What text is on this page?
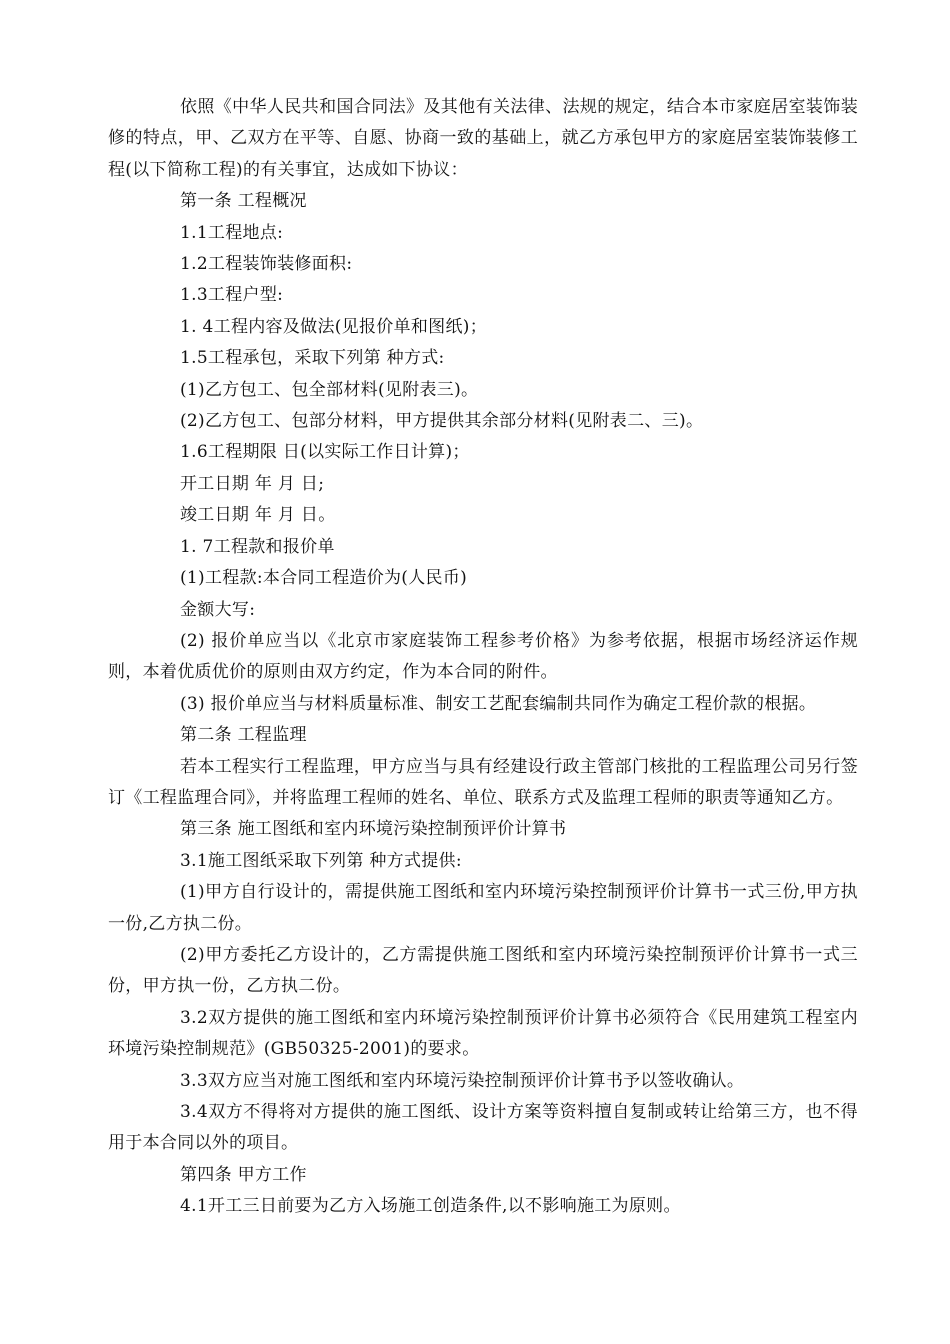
依照《中华人民共和国合同法》及其他有关法律、法规的规定，结合本市家庭居室装饰装修的特点，甲、乙双方在平等、自愿、协商一致的基础上，就乙方承包甲方的家庭居室装饰装修工程(以下简称工程)的有关事宜，达成如下协议：

第一条 工程概况

1.1工程地点:

1.2工程装饰装修面积:

1.3工程户型:

1. 4工程内容及做法(见报价单和图纸)；

1.5工程承包，采取下列第 种方式:

(1)乙方包工、包全部材料(见附表三)。

(2)乙方包工、包部分材料，甲方提供其余部分材料(见附表二、三)。

1.6工程期限 日(以实际工作日计算)；

开工日期 年 月 日;

竣工日期 年 月 日。

1. 7工程款和报价单

(1)工程款:本合同工程造价为(人民币)

金额大写:

(2) 报价单应当以《北京市家庭装饰工程参考价格》为参考依据，根据市场经济运作规则，本着优质优价的原则由双方约定，作为本合同的附件。

(3) 报价单应当与材料质量标准、制安工艺配套编制共同作为确定工程价款的根据。

第二条 工程监理

若本工程实行工程监理，甲方应当与具有经建设行政主管部门核批的工程监理公司另行签订《工程监理合同》，并将监理工程师的姓名、单位、联系方式及监理工程师的职责等通知乙方。

第三条 施工图纸和室内环境污染控制预评价计算书

3.1施工图纸采取下列第 种方式提供:

(1)甲方自行设计的，需提供施工图纸和室内环境污染控制预评价计算书一式三份,甲方执一份,乙方执二份。

(2)甲方委托乙方设计的，乙方需提供施工图纸和室内环境污染控制预评价计算书一式三份，甲方执一份，乙方执二份。

3.2双方提供的施工图纸和室内环境污染控制预评价计算书必须符合《民用建筑工程室内环境污染控制规范》(GB50325-2001)的要求。

3.3双方应当对施工图纸和室内环境污染控制预评价计算书予以签收确认。

3.4双方不得将对方提供的施工图纸、设计方案等资料擅自复制或转让给第三方，也不得用于本合同以外的项目。

第四条 甲方工作

4.1开工三日前要为乙方入场施工创造条件,以不影响施工为原则。
